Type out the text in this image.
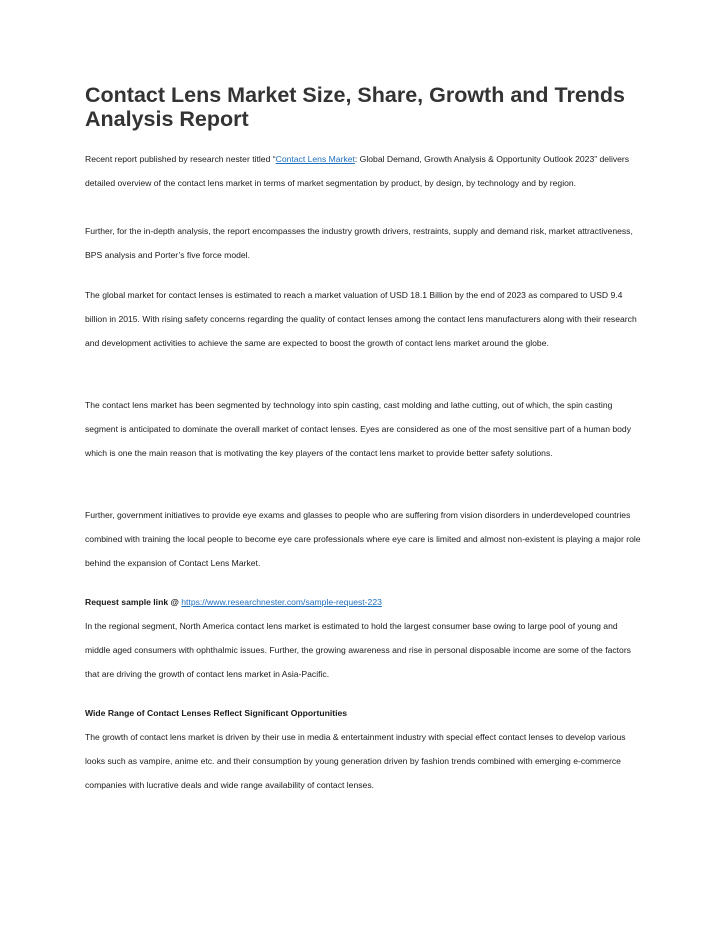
Contact Lens Market Size, Share, Growth and Trends Analysis Report

Recent report published by research nester titled “Contact Lens Market: Global Demand, Growth Analysis & Opportunity Outlook 2023” delivers detailed overview of the contact lens market in terms of market segmentation by product, by design, by technology and by region.

Further, for the in-depth analysis, the report encompasses the industry growth drivers, restraints, supply and demand risk, market attractiveness, BPS analysis and Porter’s five force model.

The global market for contact lenses is estimated to reach a market valuation of USD 18.1 Billion by the end of 2023 as compared to USD 9.4 billion in 2015. With rising safety concerns regarding the quality of contact lenses among the contact lens manufacturers along with their research and development activities to achieve the same are expected to boost the growth of contact lens market around the globe.

The contact lens market has been segmented by technology into spin casting, cast molding and lathe cutting, out of which, the spin casting segment is anticipated to dominate the overall market of contact lenses. Eyes are considered as one of the most sensitive part of a human body which is one the main reason that is motivating the key players of the contact lens market to provide better safety solutions.

Further, government initiatives to provide eye exams and glasses to people who are suffering from vision disorders in underdeveloped countries combined with training the local people to become eye care professionals where eye care is limited and almost non-existent is playing a major role behind the expansion of Contact Lens Market.

Request sample link @ https://www.researchnester.com/sample-request-223

In the regional segment, North America contact lens market is estimated to hold the largest consumer base owing to large pool of young and middle aged consumers with ophthalmic issues. Further, the growing awareness and rise in personal disposable income are some of the factors that are driving the growth of contact lens market in Asia-Pacific.

Wide Range of Contact Lenses Reflect Significant Opportunities

The growth of contact lens market is driven by their use in media & entertainment industry with special effect contact lenses to develop various looks such as vampire, anime etc. and their consumption by young generation driven by fashion trends combined with emerging e-commerce companies with lucrative deals and wide range availability of contact lenses.
